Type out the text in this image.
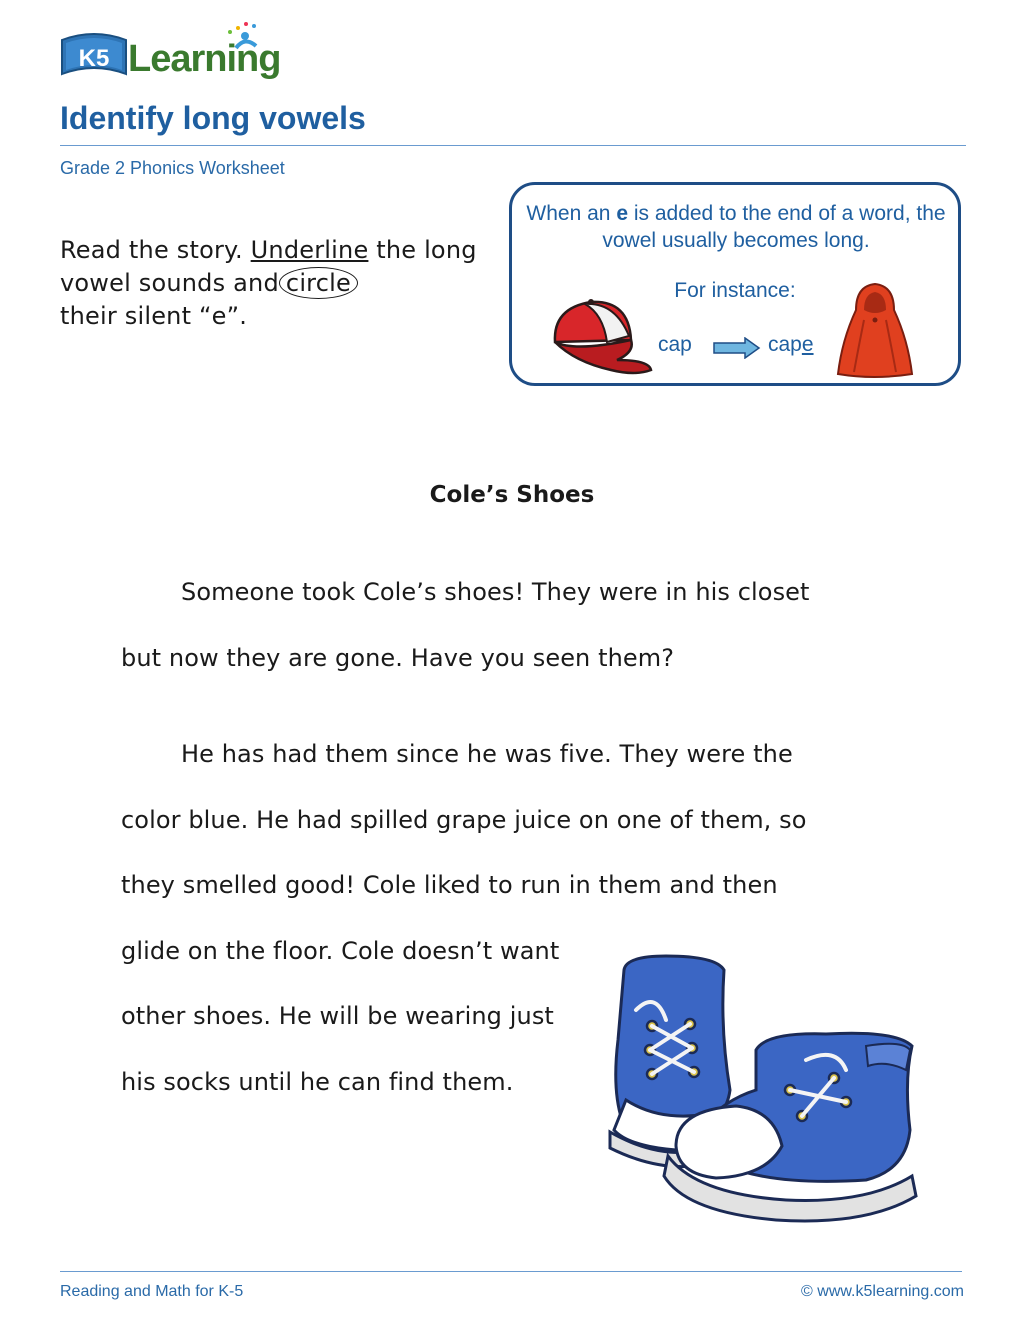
K5 Learning
Identify long vowels
Grade 2 Phonics Worksheet
Read the story. Underline the long vowel sounds and circle
their silent “e”.
When an e is added to the end of a word, the vowel usually becomes long.
For instance:
cap	cape
Cole’s Shoes
Someone took Cole’s shoes! They were in his closet
but now they are gone. Have you seen them?
He has had them since he was five. They were the
color blue. He had spilled grape juice on one of them, so
they smelled good! Cole liked to run in them and then
glide on the floor. Cole doesn’t want
other shoes. He will be wearing just
his socks until he can find them.
Reading and Math for K-5	© www.k5learning.com
